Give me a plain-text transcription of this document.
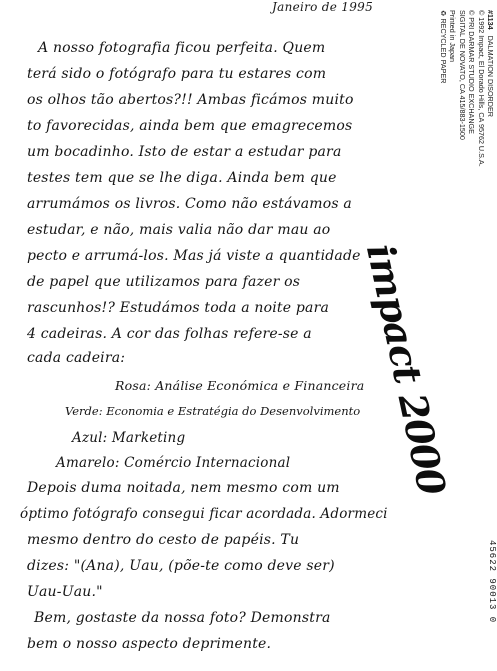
Janeiro de 1995
A nosso fotografia ficou perfeita. Quem
terá sido o fotógrafo para tu estares com
os olhos tão abertos?!! Ambas ficámos muito
to favorecidas, ainda bem que emagrecemos
um bocadinho. Isto de estar a estudar para
testes tem que se lhe diga. Ainda bem que
arrumámos os livros. Como não estávamos a
estudar, e não, mais valia não dar mau ao
pecto e arrumá-los. Mas já viste a quantidade
de papel que utilizamos para fazer os
rascunhos!? Estudámos toda a noite para
4 cadeiras. A cor das folhas refere-se a
cada cadeira:
Rosa: Análise Económica e Financeira
Verde: Economia e Estratégia do Desenvolvimento
Azul: Marketing
Amarelo: Comércio Internacional
Depois duma noitada, nem mesmo com um
óptimo fotógrafo consegui ficar acordada. Adormeci
mesmo dentro do cesto de papéis. Tu
dizes: "(Ana), Uau, (põe-te como deve ser)
Uau-Uau."
Bem, gostaste da nossa foto? Demonstra
bem o nosso aspecto deprimente.
#1134   DALMATION DISORDER
45622 90013 0
© 1992 Impact, El Dorado Hills, CA 95762 U.S.A.
© PRI DARMAR STUDIO EXCHANGE
SIGITAL DE NOVATO, CA 415/883-1500
Printed in Japan
♻ RECYCLED PAPER
impact 2000
